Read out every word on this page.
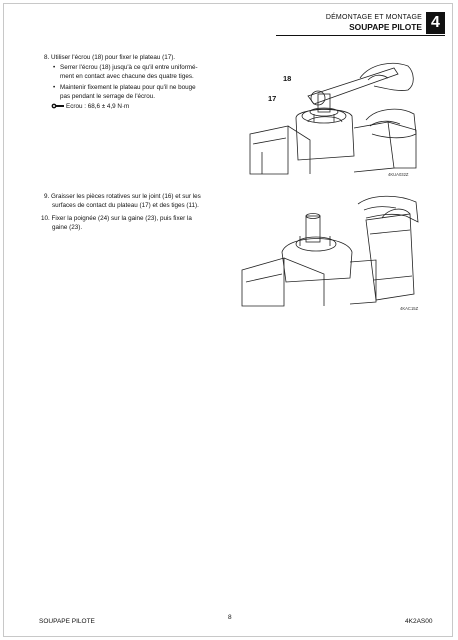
DÉMONTAGE ET MONTAGE
SOUPAPE PILOTE 4
8. Utiliser l'écrou (18) pour fixer le plateau (17).
• Serrer l'écrou (18) jusqu'à ce qu'il entre uniformé-
ment en contact avec chacune des quatre tiges.
• Maintenir fixement le plateau pour qu'il ne bouge
pas pendant le serrage de l'écrou.
Ecrou : 68,6 ± 4,9 N·m
18
17
4KUA032Z
9. Graisser les pièces rotatives sur le joint (16) et sur les
surfaces de contact du plateau (17) et des tiges (11).
10. Fixer la poignée (24) sur la gaine (23), puis fixer la
gaine (23).
4KAC15Z
SOUPAPE PILOTE
8
4K2AS00
